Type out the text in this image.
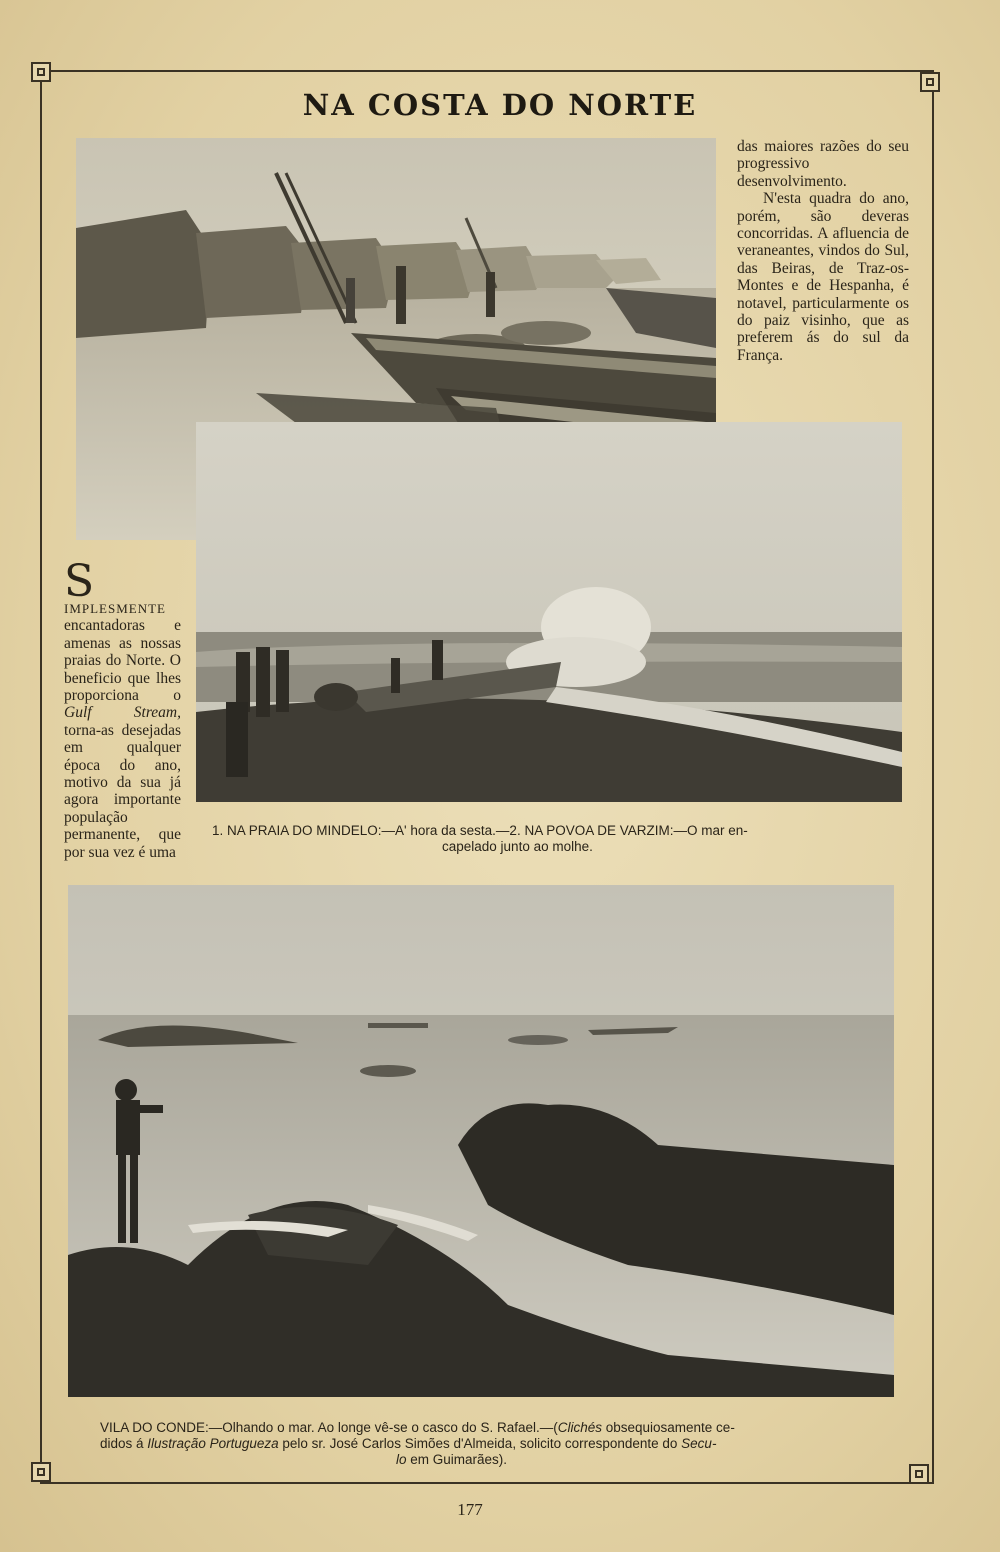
NA COSTA DO NORTE

das maiores razões do seu progressivo desenvolvimento.

N'esta quadra do ano, porém, são deveras concorridas. A afluencia de veraneantes, vindos do Sul, das Beiras, de Traz-os-Montes e de Hespanha, é notavel, particularmente os do paiz visinho, que as preferem ás do sul da França.

S
IMPLESMENTE encantadoras e amenas as nossas praias do Norte. O beneficio que lhes proporciona o Gulf Stream, torna-as desejadas em qualquer época do ano, motivo da sua já agora importante população permanente, que por sua vez é uma

1. NA PRAIA DO MINDELO:—A' hora da sesta.—2. NA POVOA DE VARZIM:—O mar en-
capelado junto ao molhe.
VILA DO CONDE:—Olhando o mar. Ao longe vê-se o casco do S. Rafael.—(Clichés obsequiosamente ce-
didos á Ilustração Portugueza pelo sr. José Carlos Simões d'Almeida, solicito correspondente do Secu-
lo em Guimarães).
177
